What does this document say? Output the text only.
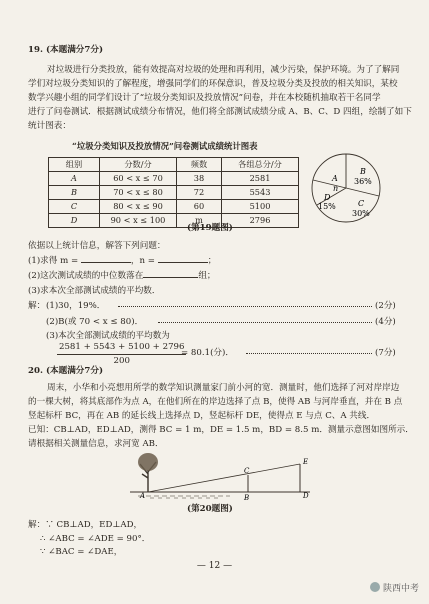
19. (本题满分7分)
对垃圾进行分类投放，能有效提高对垃圾的处理和再利用，减少污染，保护环境。为了了解同
学们对垃圾分类知识的了解程度，增强同学们的环保意识，普及垃圾分类及投放的相关知识，某校
数学兴趣小组的同学们设计了“垃圾分类知识及投放情况”问卷，并在本校随机抽取若干名同学
进行了问卷测试．根据测试成绩分布情况，他们将全部测试成绩分成 A、B、C、D 四组，绘制了如下
统计图表：
“垃圾分类知识及投放情况”问卷测试成绩统计图表
组别	分数/分	频数	各组总分/分
A	60 < x ≤ 70	38	2581
B	70 < x ≤ 80	72	5543
C	80 < x ≤ 90	60	5100
D	90 < x ≤ 100	m	2796
A
n
B
36%
C
30%
D
15%
(第19题图)
依据以上统计信息，解答下列问题：
(1)求得 m =	，n =	；
(2)这次测试成绩的中位数落在	组；
(3)求本次全部测试成绩的平均数．
解： (1)30，19%．	(2分)
(2)B(或 70 < x ≤ 80)．	(4分)
(3)本次全部测试成绩的平均数为
$\frac{2581 + 5543 + 5100 + 2796}{200}$
= 80.1(分)．	(7分)
20. (本题满分7分)
周末，小华和小亮想用所学的数学知识测量家门前小河的宽．测量时，他们选择了河对岸岸边
的一棵大树，将其底部作为点 A，在他们所在的岸边选择了点 B，使得 AB 与河岸垂直，并在 B 点
竖起标杆 BC，再在 AB 的延长线上选择点 D，竖起标杆 DE，使得点 E 与点 C、A 共线．
已知：CB⊥AD，ED⊥AD，测得 BC = 1 m，DE = 1.5 m，BD = 8.5 m．测量示意图如图所示．
请根据相关测量信息，求河宽 AB．
A	B
C
D
E
(第20题图)
解：∵ CB⊥AD，ED⊥AD，
∴ ∠ABC = ∠ADE = 90°．
∵ ∠BAC = ∠DAE，
— 12 —
陕西中考
